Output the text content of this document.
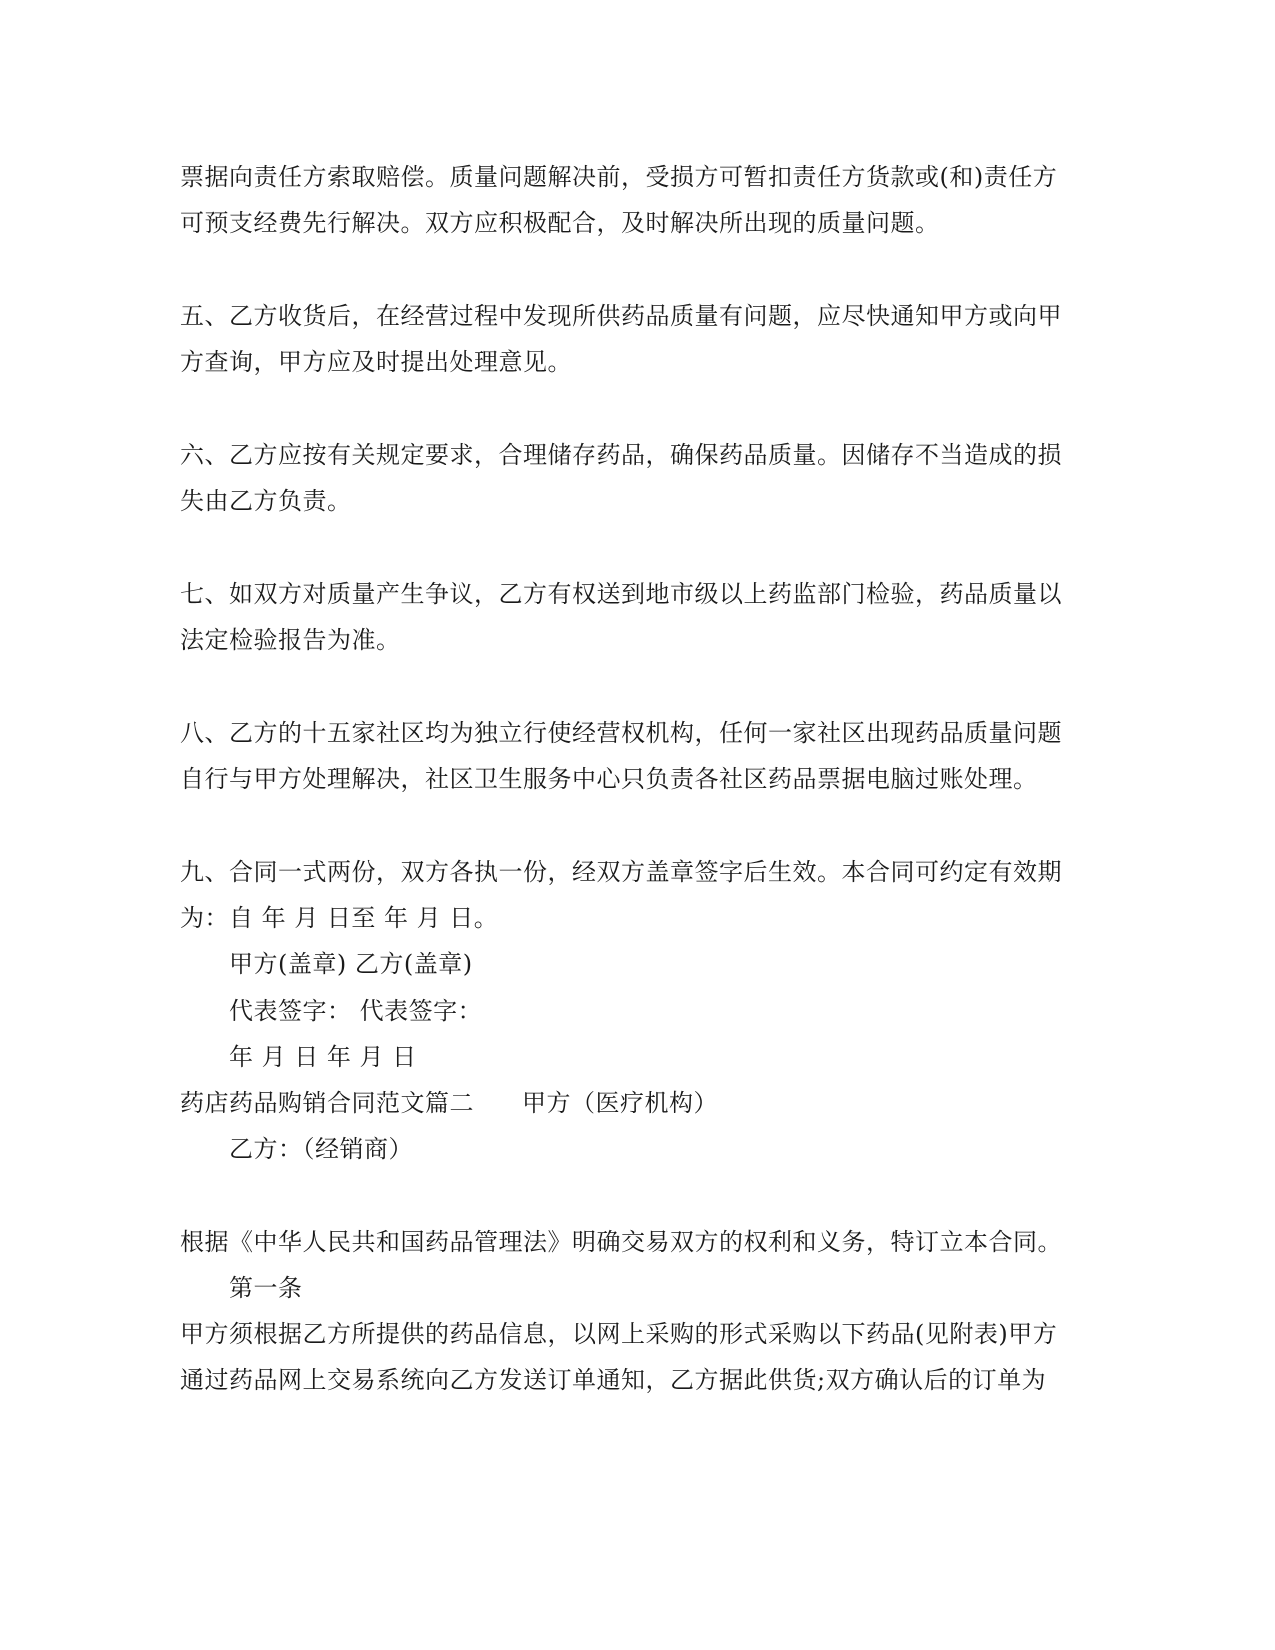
票据向责任方索取赔偿。质量问题解决前，受损方可暂扣责任方货款或(和)责任方
可预支经费先行解决。双方应积极配合，及时解决所出现的质量问题。
五、乙方收货后，在经营过程中发现所供药品质量有问题，应尽快通知甲方或向甲
方查询，甲方应及时提出处理意见。
六、乙方应按有关规定要求，合理储存药品，确保药品质量。因储存不当造成的损
失由乙方负责。
七、如双方对质量产生争议，乙方有权送到地市级以上药监部门检验，药品质量以
法定检验报告为准。
八、乙方的十五家社区均为独立行使经营权机构，任何一家社区出现药品质量问题
自行与甲方处理解决，社区卫生服务中心只负责各社区药品票据电脑过账处理。
九、合同一式两份，双方各执一份，经双方盖章签字后生效。本合同可约定有效期
为：自 年 月 日至 年 月 日。
甲方(盖章) 乙方(盖章)
代表签字： 代表签字：
年 月 日 年 月 日
药店药品购销合同范文篇二 甲方（医疗机构）
乙方：（经销商）
根据《中华人民共和国药品管理法》明确交易双方的权利和义务，特订立本合同。
第一条
甲方须根据乙方所提供的药品信息，以网上采购的形式采购以下药品(见附表)甲方
通过药品网上交易系统向乙方发送订单通知，乙方据此供货;双方确认后的订单为
